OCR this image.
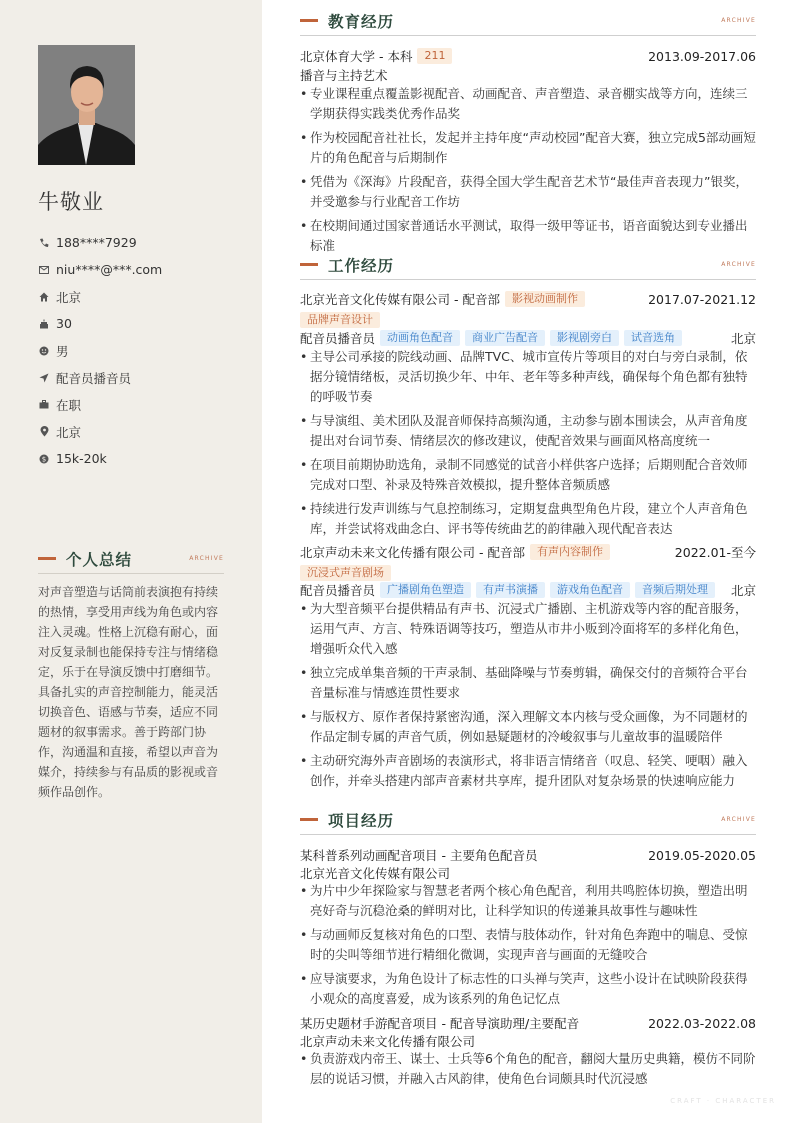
牛敬业
188****7929
niu****@***.com
北京
30
男
配音员播音员
在职
北京
$ 15k-20k
个人总结	ARCHIVE
对声音塑造与话筒前表演抱有持续的热情，享受用声线为角色或内容注入灵魂。性格上沉稳有耐心，面对反复录制也能保持专注与情绪稳定，乐于在导演反馈中打磨细节。具备扎实的声音控制能力，能灵活切换音色、语感与节奏，适应不同题材的叙事需求。善于跨部门协作，沟通温和直接，希望以声音为媒介，持续参与有品质的影视或音频作品创作。
教育经历	ARCHIVE
北京体育大学 - 本科	211	2013.09-2017.06
播音与主持艺术
• 专业课程重点覆盖影视配音、动画配音、声音塑造、录音棚实战等方向，连续三学期获得实践类优秀作品奖
• 作为校园配音社社长，发起并主持年度“声动校园”配音大赛，独立完成5部动画短片的角色配音与后期制作
• 凭借为《深海》片段配音，获得全国大学生配音艺术节“最佳声音表现力”银奖，并受邀参与行业配音工作坊
• 在校期间通过国家普通话水平测试，取得一级甲等证书，语音面貌达到专业播出标准
工作经历	ARCHIVE
北京光音文化传媒有限公司 - 配音部	影视动画制作	2017.07-2021.12
品牌声音设计
配音员播音员	动画角色配音	商业广告配音	影视剧旁白	试音选角	北京
• 主导公司承接的院线动画、品牌TVC、城市宣传片等项目的对白与旁白录制，依据分镜情绪板，灵活切换少年、中年、老年等多种声线，确保每个角色都有独特的呼吸节奏
• 与导演组、美术团队及混音师保持高频沟通，主动参与剧本围读会，从声音角度提出对台词节奏、情绪层次的修改建议，使配音效果与画面风格高度统一
• 在项目前期协助选角，录制不同感觉的试音小样供客户选择；后期则配合音效师完成对口型、补录及特殊音效模拟，提升整体音频质感
• 持续进行发声训练与气息控制练习，定期复盘典型角色片段，建立个人声音角色库，并尝试将戏曲念白、评书等传统曲艺的韵律融入现代配音表达
北京声动未来文化传播有限公司 - 配音部	有声内容制作	2022.01-至今
沉浸式声音剧场
配音员播音员	广播剧角色塑造	有声书演播	游戏角色配音	音频后期处理	北京
• 为大型音频平台提供精品有声书、沉浸式广播剧、主机游戏等内容的配音服务，运用气声、方言、特殊语调等技巧，塑造从市井小贩到冷面将军的多样化角色，增强听众代入感
• 独立完成单集音频的干声录制、基础降噪与节奏剪辑，确保交付的音频符合平台音量标准与情感连贯性要求
• 与版权方、原作者保持紧密沟通，深入理解文本内核与受众画像，为不同题材的作品定制专属的声音气质，例如悬疑题材的冷峻叙事与儿童故事的温暖陪伴
• 主动研究海外声音剧场的表演形式，将非语言情绪音（叹息、轻笑、哽咽）融入创作，并牵头搭建内部声音素材共享库，提升团队对复杂场景的快速响应能力
项目经历	ARCHIVE
某科普系列动画配音项目 - 主要角色配音员	2019.05-2020.05
北京光音文化传媒有限公司
• 为片中少年探险家与智慧老者两个核心角色配音，利用共鸣腔体切换，塑造出明亮好奇与沉稳沧桑的鲜明对比，让科学知识的传递兼具故事性与趣味性
• 与动画师反复核对角色的口型、表情与肢体动作，针对角色奔跑中的喘息、受惊时的尖叫等细节进行精细化微调，实现声音与画面的无缝咬合
• 应导演要求，为角色设计了标志性的口头禅与笑声，这些小设计在试映阶段获得小观众的高度喜爱，成为该系列的角色记忆点
某历史题材手游配音项目 - 配音导演助理/主要配音	2022.03-2022.08
北京声动未来文化传播有限公司
• 负责游戏内帝王、谋士、士兵等6个角色的配音，翻阅大量历史典籍，模仿不同阶层的说话习惯，并融入古风韵律，使角色台词颇具时代沉浸感
CRAFT · CHARACTER
